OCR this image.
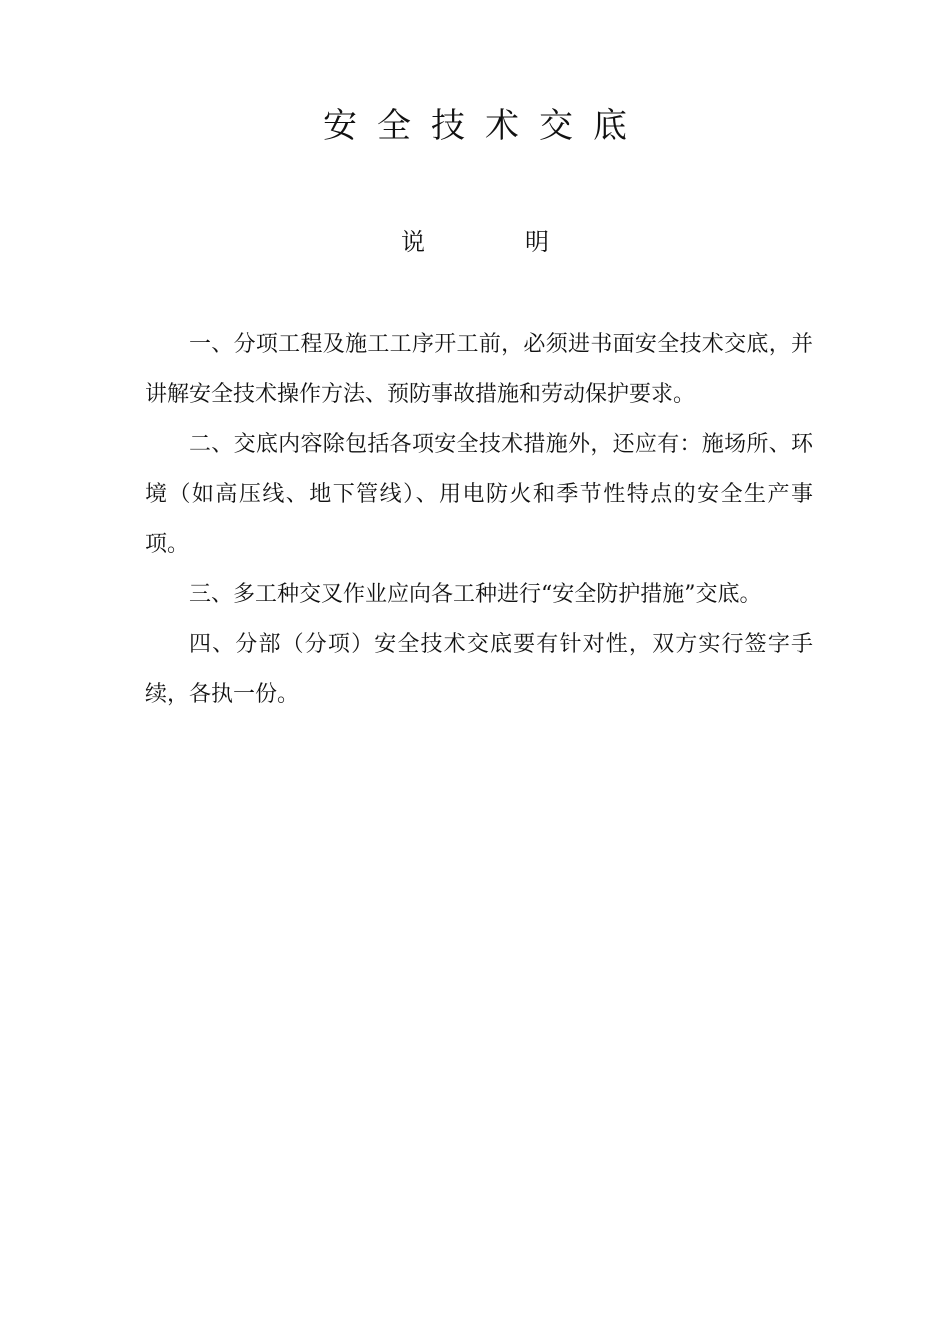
安全技术交底
说	明

一、分项工程及施工工序开工前，必须进书面安全技术交底，并讲解安全技术操作方法、预防事故措施和劳动保护要求。

二、交底内容除包括各项安全技术措施外，还应有：施场所、环境（如高压线、地下管线）、用电防火和季节性特点的安全生产事项。

三、多工种交叉作业应向各工种进行“安全防护措施”交底。

四、分部（分项）安全技术交底要有针对性，双方实行签字手续，各执一份。
